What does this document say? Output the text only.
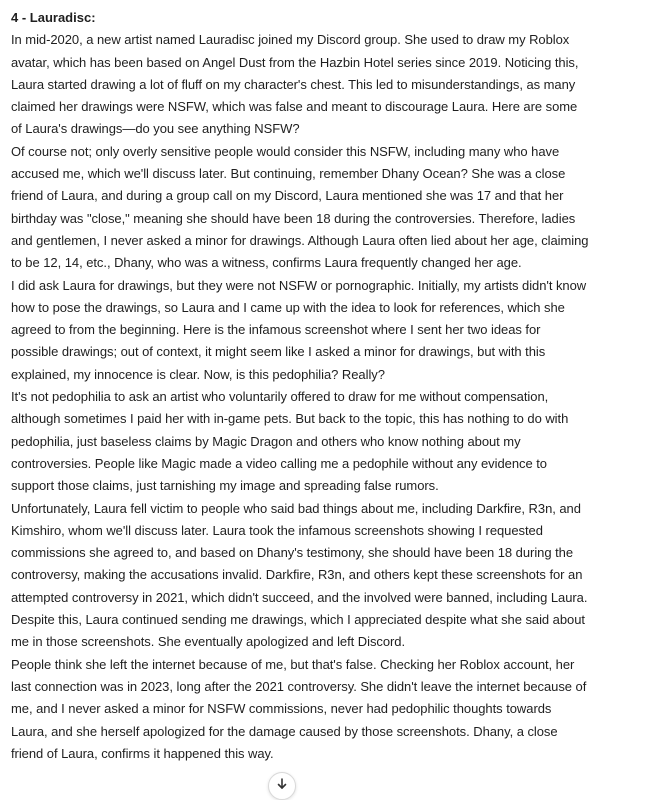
4 - Lauradisc:

In mid-2020, a new artist named Lauradisc joined my Discord group. She used to draw my Roblox avatar, which has been based on Angel Dust from the Hazbin Hotel series since 2019. Noticing this, Laura started drawing a lot of fluff on my character's chest. This led to misunderstandings, as many claimed her drawings were NSFW, which was false and meant to discourage Laura. Here are some of Laura's drawings—do you see anything NSFW?

Of course not; only overly sensitive people would consider this NSFW, including many who have accused me, which we'll discuss later. But continuing, remember Dhany Ocean? She was a close friend of Laura, and during a group call on my Discord, Laura mentioned she was 17 and that her birthday was "close," meaning she should have been 18 during the controversies. Therefore, ladies and gentlemen, I never asked a minor for drawings. Although Laura often lied about her age, claiming to be 12, 14, etc., Dhany, who was a witness, confirms Laura frequently changed her age.

I did ask Laura for drawings, but they were not NSFW or pornographic. Initially, my artists didn't know how to pose the drawings, so Laura and I came up with the idea to look for references, which she agreed to from the beginning. Here is the infamous screenshot where I sent her two ideas for possible drawings; out of context, it might seem like I asked a minor for drawings, but with this explained, my innocence is clear. Now, is this pedophilia? Really?

It's not pedophilia to ask an artist who voluntarily offered to draw for me without compensation, although sometimes I paid her with in-game pets. But back to the topic, this has nothing to do with pedophilia, just baseless claims by Magic Dragon and others who know nothing about my controversies. People like Magic made a video calling me a pedophile without any evidence to support those claims, just tarnishing my image and spreading false rumors.

Unfortunately, Laura fell victim to people who said bad things about me, including Darkfire, R3n, and Kimshiro, whom we'll discuss later. Laura took the infamous screenshots showing I requested commissions she agreed to, and based on Dhany's testimony, she should have been 18 during the controversy, making the accusations invalid. Darkfire, R3n, and others kept these screenshots for an attempted controversy in 2021, which didn't succeed, and the involved were banned, including Laura. Despite this, Laura continued sending me drawings, which I appreciated despite what she said about me in those screenshots. She eventually apologized and left Discord.

People think she left the internet because of me, but that's false. Checking her Roblox account, her last connection was in 2023, long after the 2021 controversy. She didn't leave the internet because of me, and I never asked a minor for NSFW commissions, never had pedophilic thoughts towards Laura, and she herself apologized for the damage caused by those screenshots. Dhany, a close friend of Laura, confirms it happened this way.
